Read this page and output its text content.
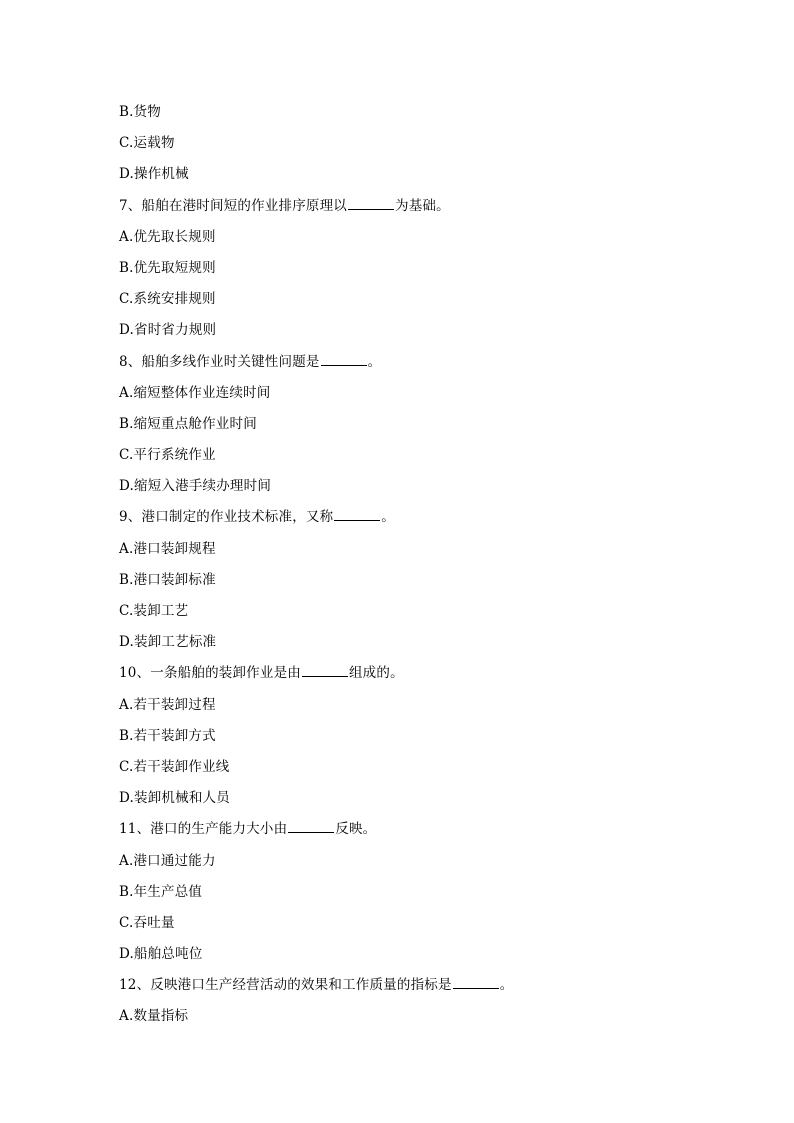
B.货物
C.运载物
D.操作机械
7、船舶在港时间短的作业排序原理以	为基础。
A.优先取长规则
B.优先取短规则
C.系统安排规则
D.省时省力规则
8、船舶多线作业时关键性问题是	。
A.缩短整体作业连续时间
B.缩短重点舱作业时间
C.平行系统作业
D.缩短入港手续办理时间
9、港口制定的作业技术标准，又称	。
A.港口装卸规程
B.港口装卸标准
C.装卸工艺
D.装卸工艺标准
10、一条船舶的装卸作业是由	组成的。
A.若干装卸过程
B.若干装卸方式
C.若干装卸作业线
D.装卸机械和人员
11、港口的生产能力大小由	反映。
A.港口通过能力
B.年生产总值
C.吞吐量
D.船舶总吨位
12、反映港口生产经营活动的效果和工作质量的指标是	。
A.数量指标
